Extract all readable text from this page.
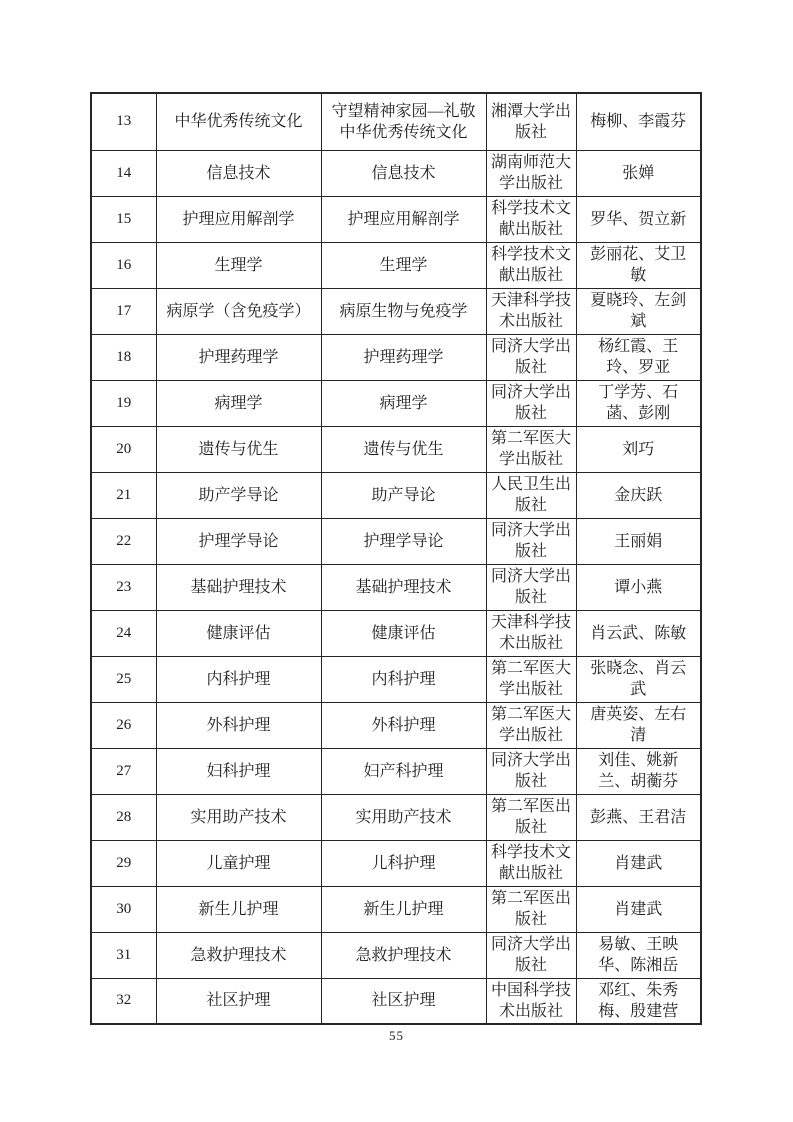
13	中华优秀传统文化	守望精神家园—礼敬中华优秀传统文化	湘潭大学出版社	梅柳、李霞芬
14	信息技术	信息技术	湖南师范大学出版社	张婵
15	护理应用解剖学	护理应用解剖学	科学技术文献出版社	罗华、贺立新
16	生理学	生理学	科学技术文献出版社	彭丽花、艾卫敏
17	病原学（含免疫学）	病原生物与免疫学	天津科学技术出版社	夏晓玲、左剑斌
18	护理药理学	护理药理学	同济大学出版社	杨红霞、王玲、罗亚
19	病理学	病理学	同济大学出版社	丁学芳、石菡、彭刚
20	遗传与优生	遗传与优生	第二军医大学出版社	刘巧
21	助产学导论	助产导论	人民卫生出版社	金庆跃
22	护理学导论	护理学导论	同济大学出版社	王丽娟
23	基础护理技术	基础护理技术	同济大学出版社	谭小燕
24	健康评估	健康评估	天津科学技术出版社	肖云武、陈敏
25	内科护理	内科护理	第二军医大学出版社	张晓念、肖云武
26	外科护理	外科护理	第二军医大学出版社	唐英姿、左右清
27	妇科护理	妇产科护理	同济大学出版社	刘佳、姚新兰、胡蘅芬
28	实用助产技术	实用助产技术	第二军医出版社	彭燕、王君洁
29	儿童护理	儿科护理	科学技术文献出版社	肖建武
30	新生儿护理	新生儿护理	第二军医出版社	肖建武
31	急救护理技术	急救护理技术	同济大学出版社	易敏、王映华、陈湘岳
32	社区护理	社区护理	中国科学技术出版社	邓红、朱秀梅、殷建营
55
